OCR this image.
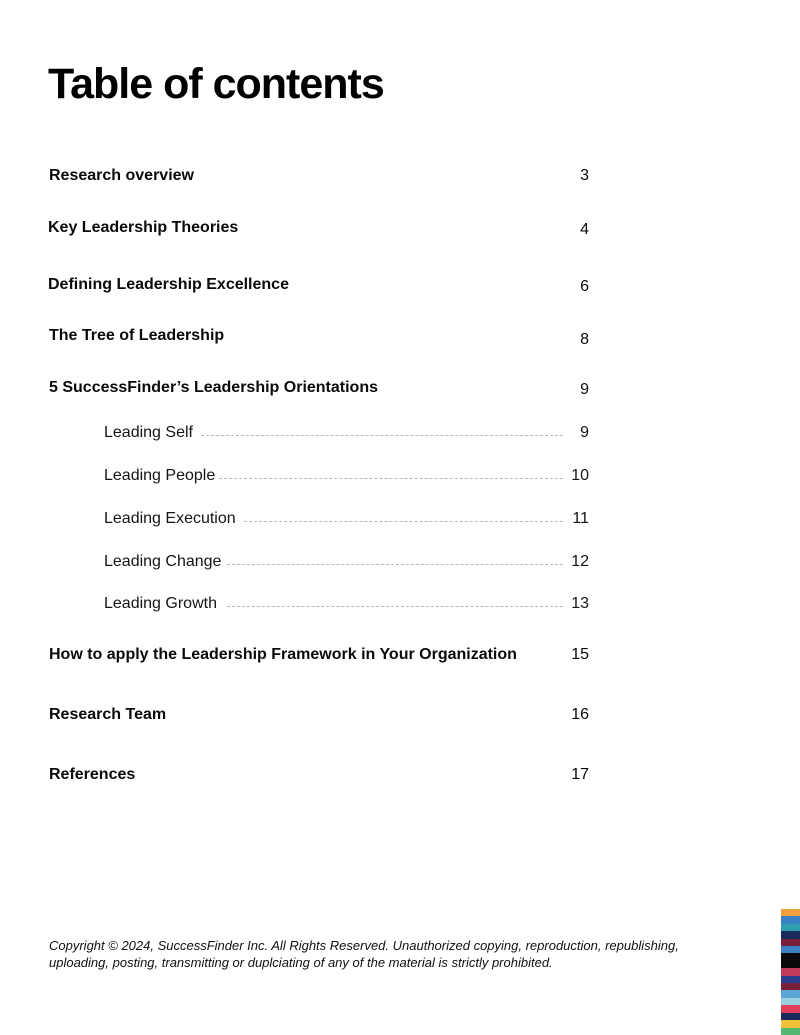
Table of contents
Research overview	3
Key Leadership Theories	4
Defining Leadership Excellence	6
The Tree of Leadership	8
5 SuccessFinder’s Leadership Orientations	9
Leading Self	9
Leading People	10
Leading Execution	11
Leading Change	12
Leading Growth	13
How to apply the Leadership Framework in Your Organization	15
Research Team	16
References	17

Copyright © 2024, SuccessFinder Inc. All Rights Reserved. Unauthorized copying, reproduction, republishing, uploading, posting, transmitting or duplciating of any of the material is strictly prohibited.
